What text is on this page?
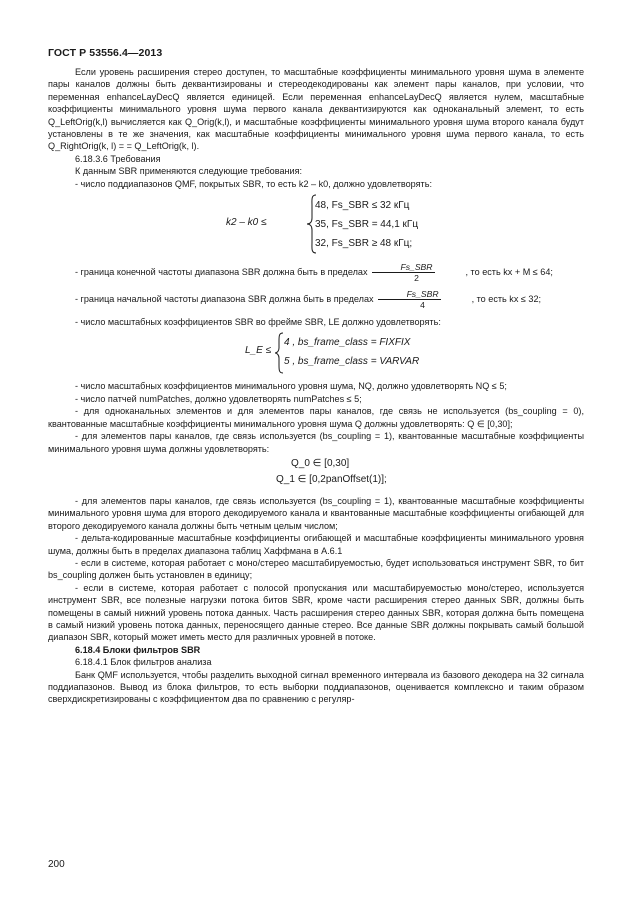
ГОСТ Р 53556.4—2013

Если уровень расширения стерео доступен, то масштабные коэффициенты минимального уровня шума в элементе пары каналов должны быть деквантизированы и стереодекодированы как элемент пары каналов, при условии, что переменная enhanceLayDecQ является единицей. Если переменная enhanceLayDecQ является нулем, масштабные коэффициенты минимального уровня шума первого канала деквантизируются как одноканальный элемент, то есть Q_LeftOrig(k,l) вычисляется как Q_Orig(k,l), и масштабные коэффициенты минимального уровня шума второго канала будут установлены в те же значения, как масштабные коэффициенты минимального уровня шума первого канала, то есть Q_RightOrig(k, l) = = Q_LeftOrig(k, l).

6.18.3.6 Требования

К данным SBR применяются следующие требования:

- число поддиапазонов QMF, покрытых SBR, то есть k2 – k0, должно удовлетворять:

k2 – k0 ≤
48, Fs_SBR ≤ 32 кГц
35, Fs_SBR = 44,1 кГц
32, Fs_SBR ≥ 48 кГц;
- граница конечной частоты диапазона SBR должна быть в пределах $\frac{\text{Fs\_SBR}}{2}$	, то есть kx + M ≤ 64;
- граница начальной частоты диапазона SBR должна быть в пределах $\frac{\text{Fs\_SBR}}{4}$	, то есть kx ≤ 32;

- число масштабных коэффициентов SBR во фрейме SBR, LE должно удовлетворять:

L_E ≤
4 , bs_frame_class = FIXFIX
5 , bs_frame_class = VARVAR

- число масштабных коэффициентов минимального уровня шума, NQ, должно удовлетворять NQ ≤ 5;

- число патчей numPatches, должно удовлетворять numPatches ≤ 5;

- для одноканальных элементов и для элементов пары каналов, где связь не используется (bs_coupling = 0), квантованные масштабные коэффициенты минимального уровня шума Q должны удовлетворять: Q ∈ [0,30];

- для элементов пары каналов, где связь используется (bs_coupling = 1), квантованные масштабные коэффициенты минимального уровня шума должны удовлетворять:

Q_0 ∈ [0,30]
Q_1 ∈ [0,2panOffset(1)];

- для элементов пары каналов, где связь используется (bs_coupling = 1), квантованные масштабные коэффициенты минимального уровня шума для второго декодируемого канала и квантованные масштабные коэффициенты огибающей для второго декодируемого канала должны быть четным целым числом;

- дельта-кодированные масштабные коэффициенты огибающей и масштабные коэффициенты минимального уровня шума, должны быть в пределах диапазона таблиц Хаффмана в А.6.1

- если в системе, которая работает с моно/стерео масштабируемостью, будет использоваться инструмент SBR, то бит bs_coupling должен быть установлен в единицу;

- если в системе, которая работает с полосой пропускания или масштабируемостью моно/стерео, используется инструмент SBR, все полезные нагрузки потока битов SBR, кроме части расширения стерео данных SBR, должны быть помещены в самый нижний уровень потока данных. Часть расширения стерео данных SBR, которая должна быть помещена в самый низкий уровень потока данных, переносящего данные стерео. Все данные SBR должны покрывать самый большой диапазон SBR, который может иметь место для различных уровней в потоке.

6.18.4 Блоки фильтров SBR

6.18.4.1 Блок фильтров анализа

Банк QMF используется, чтобы разделить выходной сигнал временного интервала из базового декодера на 32 сигнала поддиапазонов. Вывод из блока фильтров, то есть выборки поддиапазонов, оценивается комплексно и таким образом сверхдискретизированы с коэффициентом два по сравнению с регуляр-

200
